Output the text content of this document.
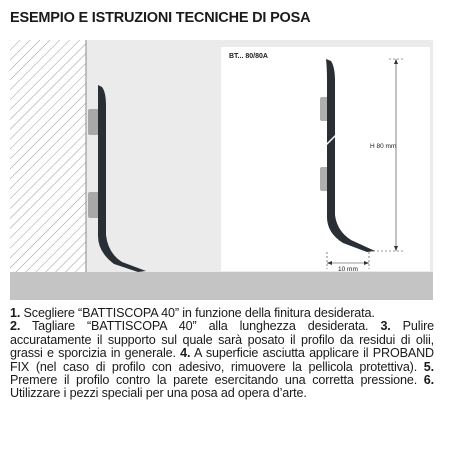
ESEMPIO E ISTRUZIONI TECNICHE DI POSA
BT... 80/80A
H 80 mm
10 mm
1. Scegliere “BATTISCOPA 40” in funzione della finitura desiderata.
2. Tagliare “BATTISCOPA 40” alla lunghezza desiderata. 3. Pulire accuratamente il supporto sul quale sarà posato il profilo da residui di olii, grassi e sporcizia in generale. 4. A superficie asciutta applicare il PROBAND FIX (nel caso di profilo con adesivo, rimuovere la pellicola protettiva). 5. Premere il profilo contro la parete esercitando una corretta pressione. 6. Utilizzare i pezzi speciali per una posa ad opera d’arte.
